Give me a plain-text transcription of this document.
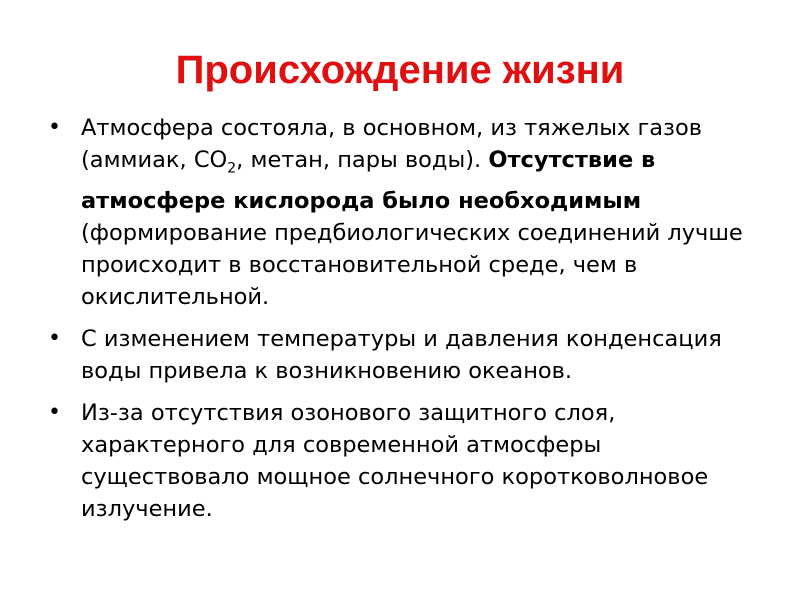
Происхождение жизни
• Атмосфера состояла, в основном, из тяжелых газов (аммиак, $CO_2$, метан, пары воды). Отсутствие в атмосфере кислорода было необходимым (формирование предбиологических соединений лучше происходит в восстановительной среде, чем в окислительной.
• С изменением температуры и давления конденсация воды привела к возникновению океанов.
• Из-за отсутствия озонового защитного слоя, характерного для современной атмосферы существовало мощное солнечного коротковолновое излучение.
